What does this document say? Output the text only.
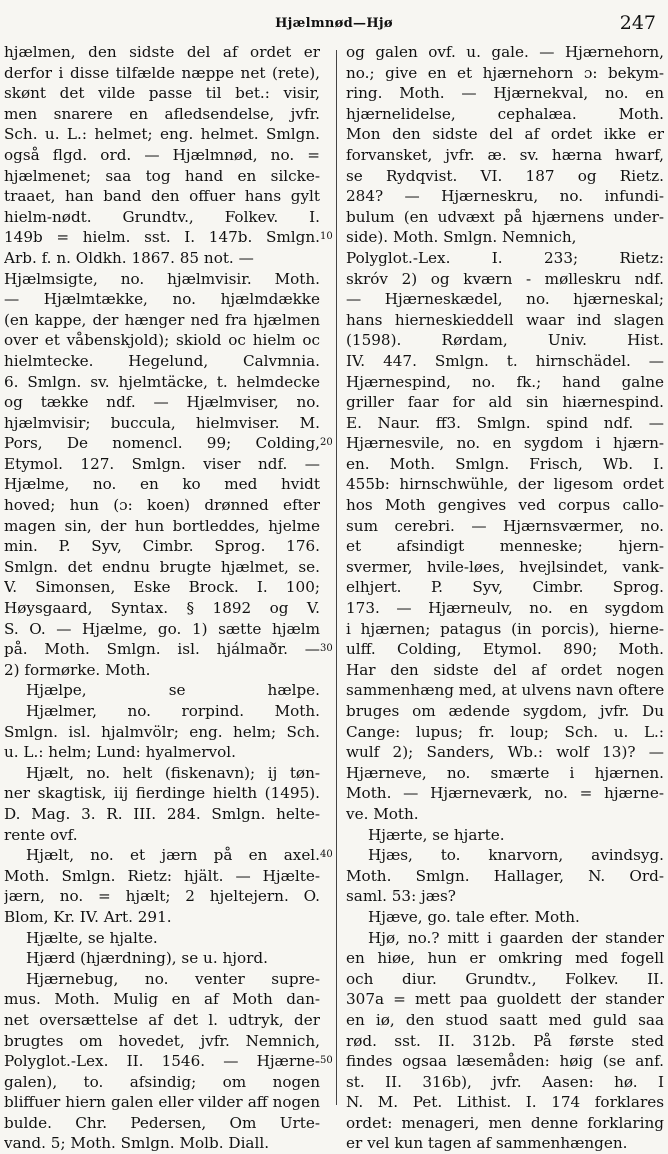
Hjælmnød—Hjø	247
hjælmen, den sidste del af ordet er
derfor i disse tilfælde næppe net (rete),
skønt det vilde passe til bet.: visir,
men snarere en afledsendelse, jvfr.
Sch. u. L.: helmet; eng. helmet. Smlgn.
også flgd. ord. — Hjælmnød, no. =
hjælmenet; saa tog hand en silcke-
traaet, han band den offuer hans gylt
hielm-nødt. Grundtv., Folkev. I.
149b = hielm. sst. I. 147b. Smlgn.
Arb. f. n. Oldkh. 1867. 85 not. —
Hjælmsigte, no. hjælmvisir. Moth.
— Hjælmtække, no. hjælmdække
(en kappe, der hænger ned fra hjælmen
over et våbenskjold); skiold oc hielm oc
hielmtecke. Hegelund, Calvmnia.
6. Smlgn. sv. hjelmtäcke, t. helmdecke
og tække ndf. — Hjælmviser, no.
hjælmvisir; buccula, hielmviser. M.
Pors, De nomencl. 99; Colding,
Etymol. 127. Smlgn. viser ndf. —
Hjælme, no. en ko med hvidt
hoved; hun (ɔ: koen) drønned efter
magen sin, der hun bortleddes, hjelme
min. P. Syv, Cimbr. Sprog. 176.
Smlgn. det endnu brugte hjælmet, se.
V. Simonsen, Eske Brock. I. 100;
Høysgaard, Syntax. § 1892 og V.
S. O. — Hjælme, go. 1) sætte hjælm
på. Moth. Smlgn. isl. hjálmaðr. —
2) formørke. Moth.
Hjælpe, se hælpe.
Hjælmer, no. rorpind. Moth.
Smlgn. isl. hjalmvölr; eng. helm; Sch.
u. L.: helm; Lund: hyalmervol.
Hjælt, no. helt (fiskenavn); ij tøn-
ner skagtisk, iij fierdinge hielth (1495).
D. Mag. 3. R. III. 284. Smlgn. helte-
rente ovf.
Hjælt, no. et jærn på en axel.
Moth. Smlgn. Rietz: hjält. — Hjælte-
jærn, no. = hjælt; 2 hjeltejern. O.
Blom, Kr. IV. Art. 291.
Hjælte, se hjalte.
Hjærd (hjærdning), se u. hjord.
Hjærnebug, no. venter supre-
mus. Moth. Mulig en af Moth dan-
net oversættelse af det l. udtryk, der
brugtes om hovedet, jvfr. Nemnich,
Polyglot.-Lex. II. 1546. — Hjærne-
galen), to. afsindig; om nogen
bliffuer hiern galen eller vilder aff nogen
bulde. Chr. Pedersen, Om Urte-
vand. 5; Moth. Smlgn. Molb. Diall.
10
20
30
40
50
og galen ovf. u. gale. — Hjærnehorn,
no.; give en et hjærnehorn ɔ: bekym-
ring. Moth. — Hjærnekval, no. en
hjærnelidelse, cephalæa. Moth.
Mon den sidste del af ordet ikke er
forvansket, jvfr. æ. sv. hærna hwarf,
se Rydqvist. VI. 187 og Rietz.
284? — Hjærneskru, no. infundi-
bulum (en udvæxt på hjærnens under-
side). Moth. Smlgn. Nemnich,
Polyglot.-Lex. I. 233; Rietz:
skróv 2) og kværn - mølleskru ndf.
— Hjærneskædel, no. hjærneskal;
hans hierneskieddell waar ind slagen
(1598). Rørdam, Univ. Hist.
IV. 447. Smlgn. t. hirnschädel. —
Hjærnespind, no. fk.; hand galne
griller faar for ald sin hiærnespind.
E. Naur. ff3. Smlgn. spind ndf. —
Hjærnesvile, no. en sygdom i hjærn-
en. Moth. Smlgn. Frisch, Wb. I.
455b: hirnschwühle, der ligesom ordet
hos Moth gengives ved corpus callo-
sum cerebri. — Hjærnsværmer, no.
et afsindigt menneske; hjern-
svermer, hvile-løes, hvejlsindet, vank-
elhjert. P. Syv, Cimbr. Sprog.
173. — Hjærneulv, no. en sygdom
i hjærnen; patagus (in porcis), hierne-
ulff. Colding, Etymol. 890; Moth.
Har den sidste del af ordet nogen
sammenhæng med, at ulvens navn oftere
bruges om ædende sygdom, jvfr. Du
Cange: lupus; fr. loup; Sch. u. L.:
wulf 2); Sanders, Wb.: wolf 13)? —
Hjærneve, no. smærte i hjærnen.
Moth. — Hjærneværk, no. = hjærne-
ve. Moth.
Hjærte, se hjarte.
Hjæs, to. knarvorn, avindsyg.
Moth. Smlgn. Hallager, N. Ord-
saml. 53: jæs?
Hjæve, go. tale efter. Moth.
Hjø, no.? mitt i gaarden der stander
en hiøe, hun er omkring med fogell
och diur. Grundtv., Folkev. II.
307a = mett paa guoldett der stander
en iø, den stuod saatt med guld saa
rød. sst. II. 312b. På første sted
findes ogsaa læsemåden: høig (se anf.
st. II. 316b), jvfr. Aasen: hø. I
N. M. Pet. Lithist. I. 174 forklares
ordet: menageri, men denne forklaring
er vel kun tagen af sammenhængen.
